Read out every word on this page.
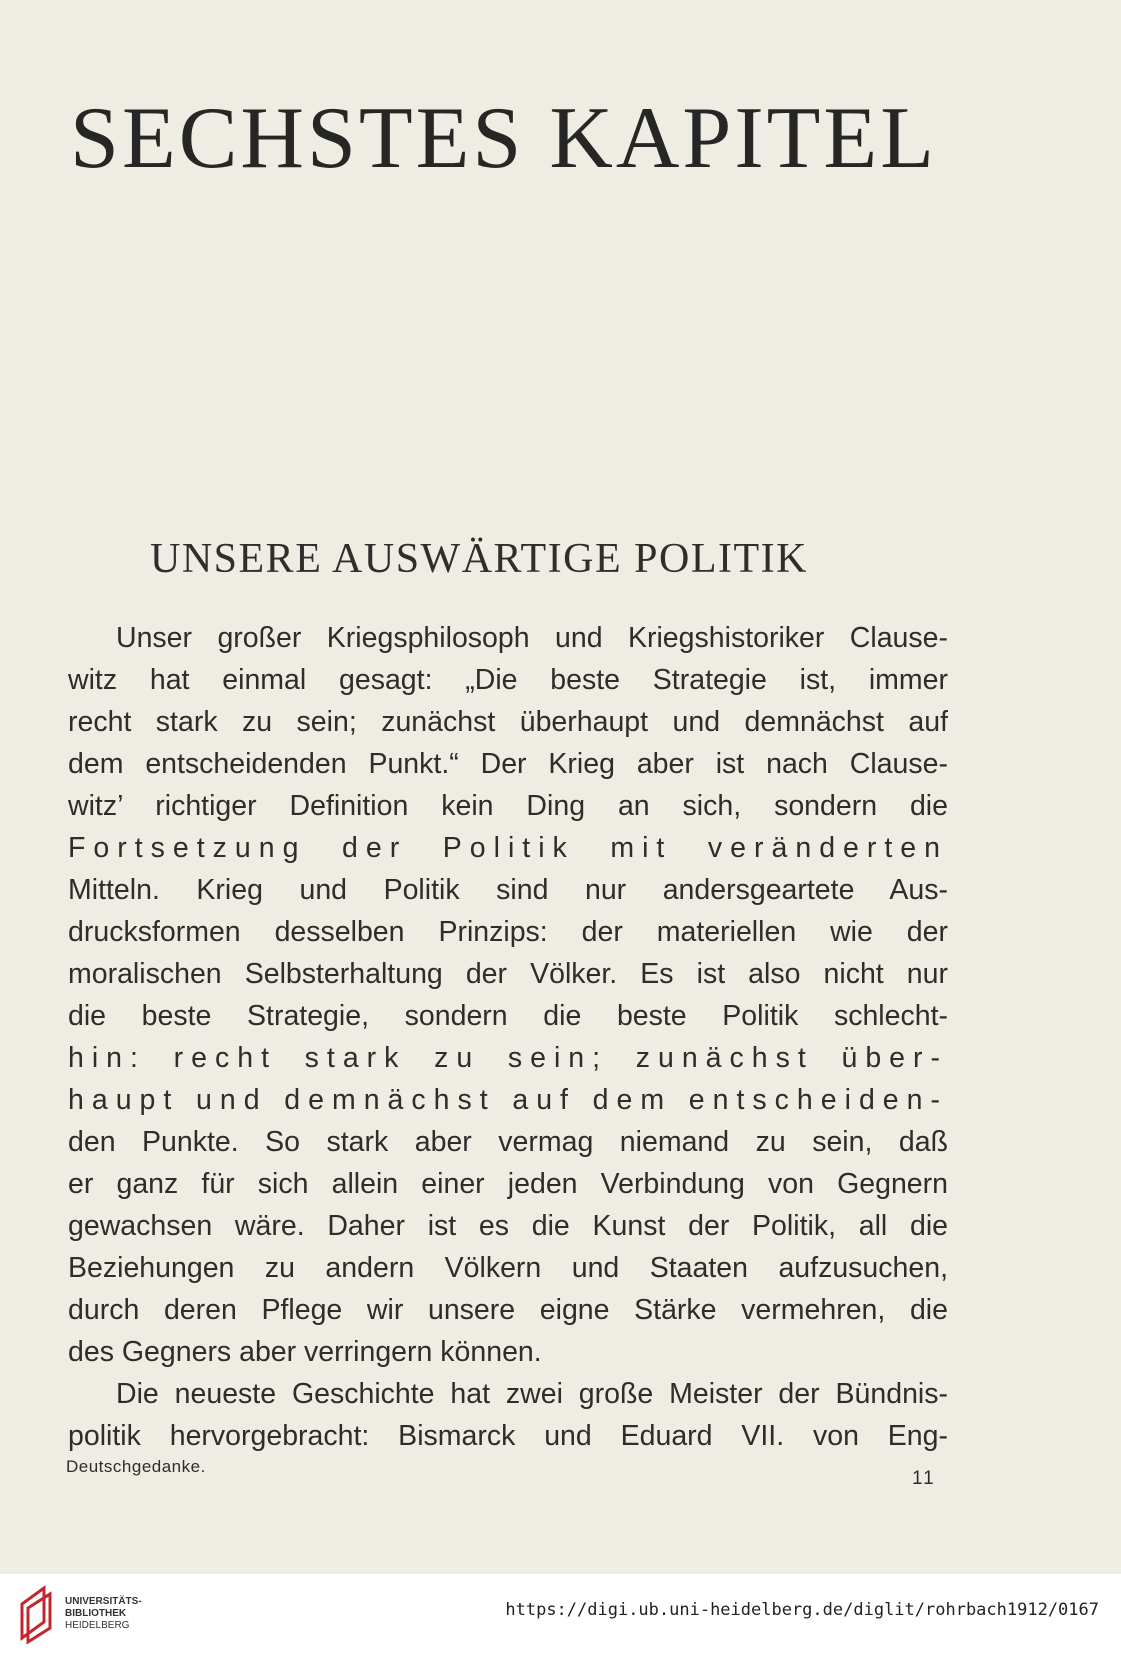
SECHSTES KAPITEL
UNSERE AUSWÄRTIGE POLITIK
Unser großer Kriegsphilosoph und Kriegshistoriker Clause-
witz hat einmal gesagt: „Die beste Strategie ist, immer
recht stark zu sein; zunächst überhaupt und demnächst auf
dem entscheidenden Punkt.“ Der Krieg aber ist nach Clause-
witz’ richtiger Definition kein Ding an sich, sondern die
Fortsetzung der Politik mit veränderten
Mitteln. Krieg und Politik sind nur andersgeartete Aus-
drucksformen desselben Prinzips: der materiellen wie der
moralischen Selbsterhaltung der Völker. Es ist also nicht nur
die beste Strategie, sondern die beste Politik schlecht-
hin: recht stark zu sein; zunächst über-
haupt und demnächst auf dem entscheiden-
den Punkte. So stark aber vermag niemand zu sein, daß
er ganz für sich allein einer jeden Verbindung von Gegnern
gewachsen wäre. Daher ist es die Kunst der Politik, all die
Beziehungen zu andern Völkern und Staaten aufzusuchen,
durch deren Pflege wir unsere eigne Stärke vermehren, die
des Gegners aber verringern können.
Die neueste Geschichte hat zwei große Meister der Bündnis-
politik hervorgebracht: Bismarck und Eduard VII. von Eng-
Deutschgedanke.
11
UNIVERSITÄTS-
BIBLIOTHEK
HEIDELBERG
https://digi.ub.uni-heidelberg.de/diglit/rohrbach1912/0167
